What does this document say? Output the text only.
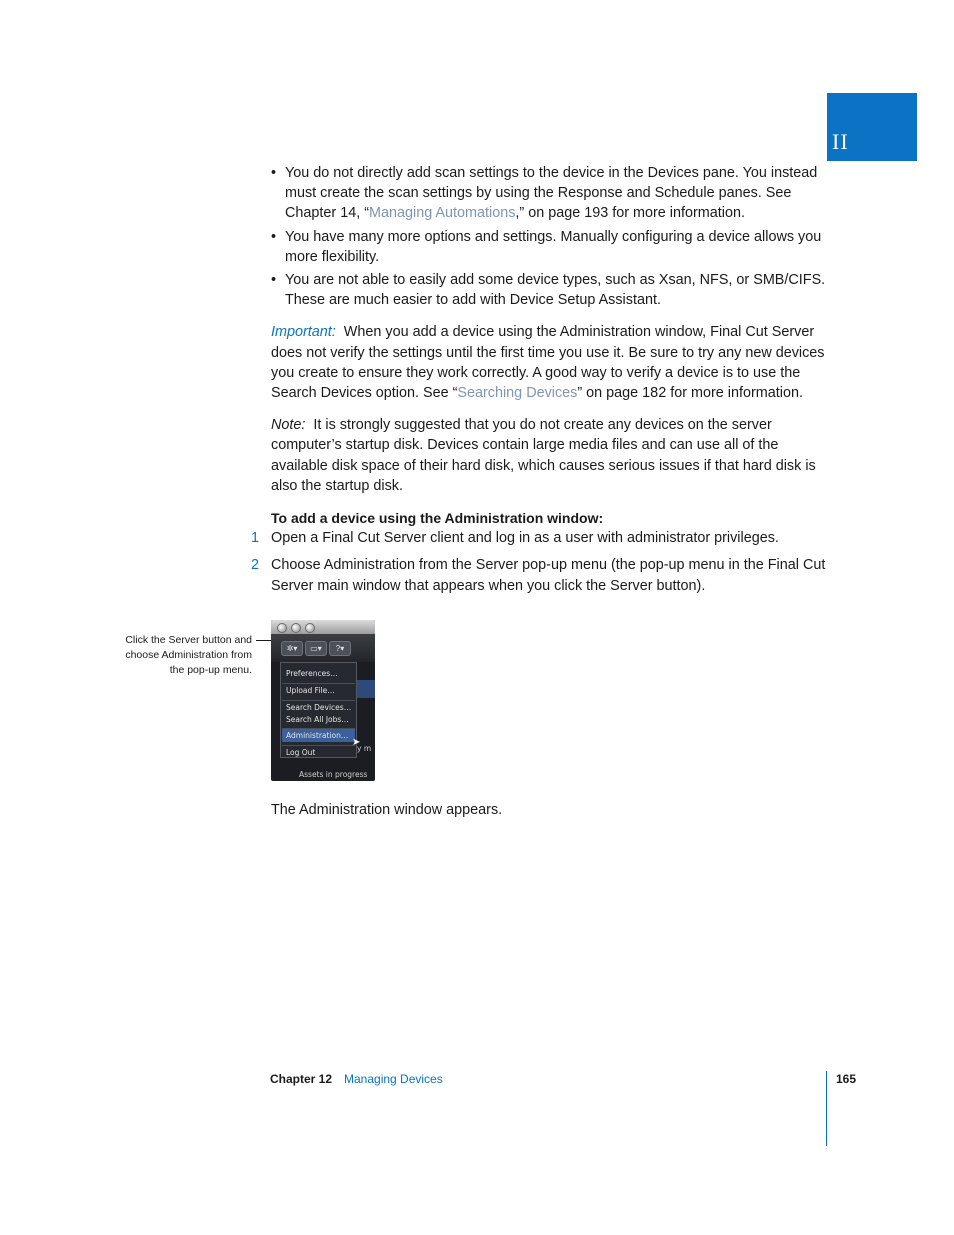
II
• You do not directly add scan settings to the device in the Devices pane. You instead must create the scan settings by using the Response and Schedule panes. See Chapter 14, “Managing Automations,” on page 193 for more information.
• You have many more options and settings. Manually configuring a device allows you more flexibility.
• You are not able to easily add some device types, such as Xsan, NFS, or SMB/CIFS. These are much easier to add with Device Setup Assistant.

Important: When you add a device using the Administration window, Final Cut Server does not verify the settings until the first time you use it. Be sure to try any new devices you create to ensure they work correctly. A good way to verify a device is to use the Search Devices option. See “Searching Devices” on page 182 for more information.

Note: It is strongly suggested that you do not create any devices on the server computer’s startup disk. Devices contain large media files and can use all of the available disk space of their hard disk, which causes serious issues if that hard disk is also the startup disk.

To add a device using the Administration window:

1 Open a Final Cut Server client and log in as a user with administrator privileges.
2 Choose Administration from the Server pop-up menu (the pop-up menu in the Final Cut Server main window that appears when you click the Server button).
Click the Server button and choose Administration from the pop-up menu.
✲▾	▭▾	?▾
y m
Assets in progress
Preferences…
Upload File…
Search Devices…
Search All Jobs…
Administration…
Log Out
➤

The Administration window appears.

Chapter 12 Managing Devices	165
